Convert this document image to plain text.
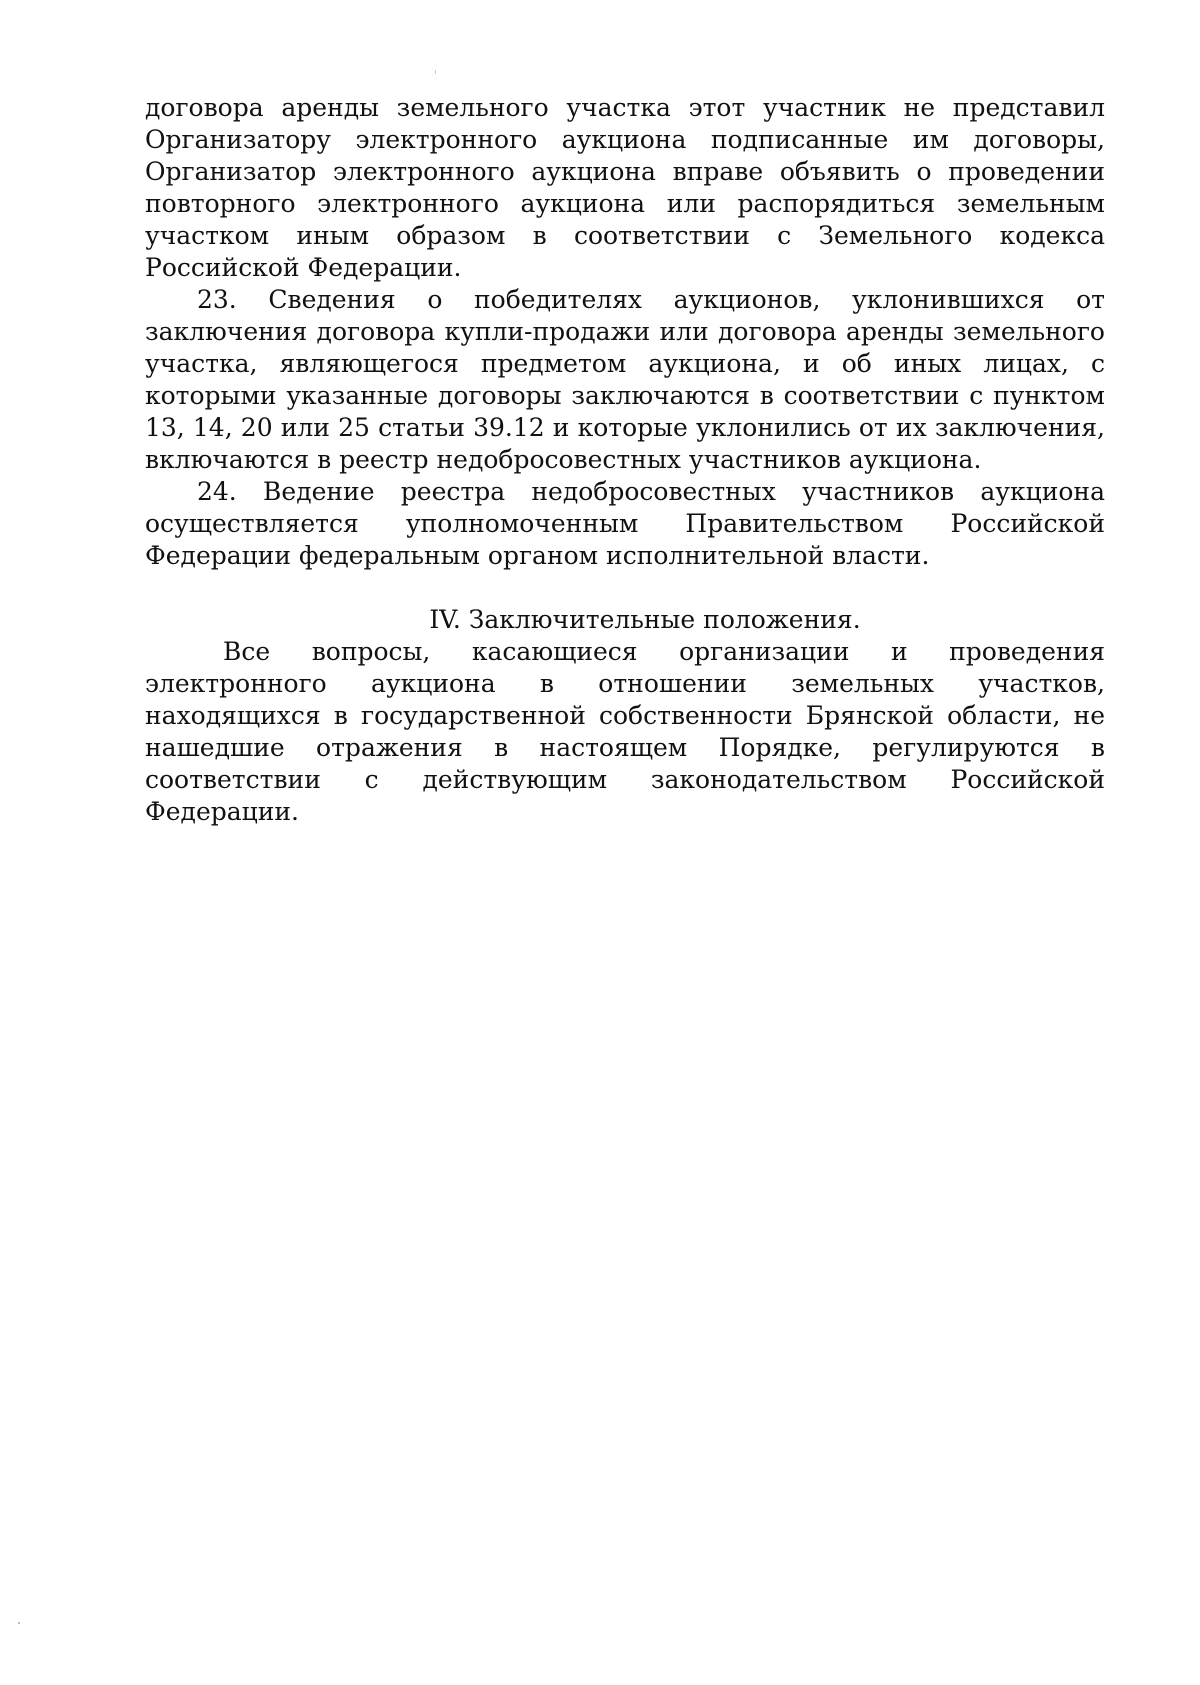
договора аренды земельного участка этот участник не представил Организатору электронного аукциона подписанные им договоры, Организатор электронного аукциона вправе объявить о проведении повторного электронного аукциона или распорядиться земельным участком иным образом в соответствии с Земельного кодекса Российской Федерации.

23. Сведения о победителях аукционов, уклонившихся от заключения договора купли-продажи или договора аренды земельного участка, являющегося предметом аукциона, и об иных лицах, с которыми указанные договоры заключаются в соответствии с пунктом 13, 14, 20 или 25 статьи 39.12 и которые уклонились от их заключения, включаются в реестр недобросовестных участников аукциона.

24. Ведение реестра недобросовестных участников аукциона осуществляется уполномоченным Правительством Российской Федерации федеральным органом исполнительной власти.

IV. Заключительные положения.

Все вопросы, касающиеся организации и проведения электронного аукциона в отношении земельных участков, находящихся в государственной собственности Брянской области, не нашедшие отражения в настоящем Порядке, регулируются в соответствии с действующим законодательством Российской Федерации.
